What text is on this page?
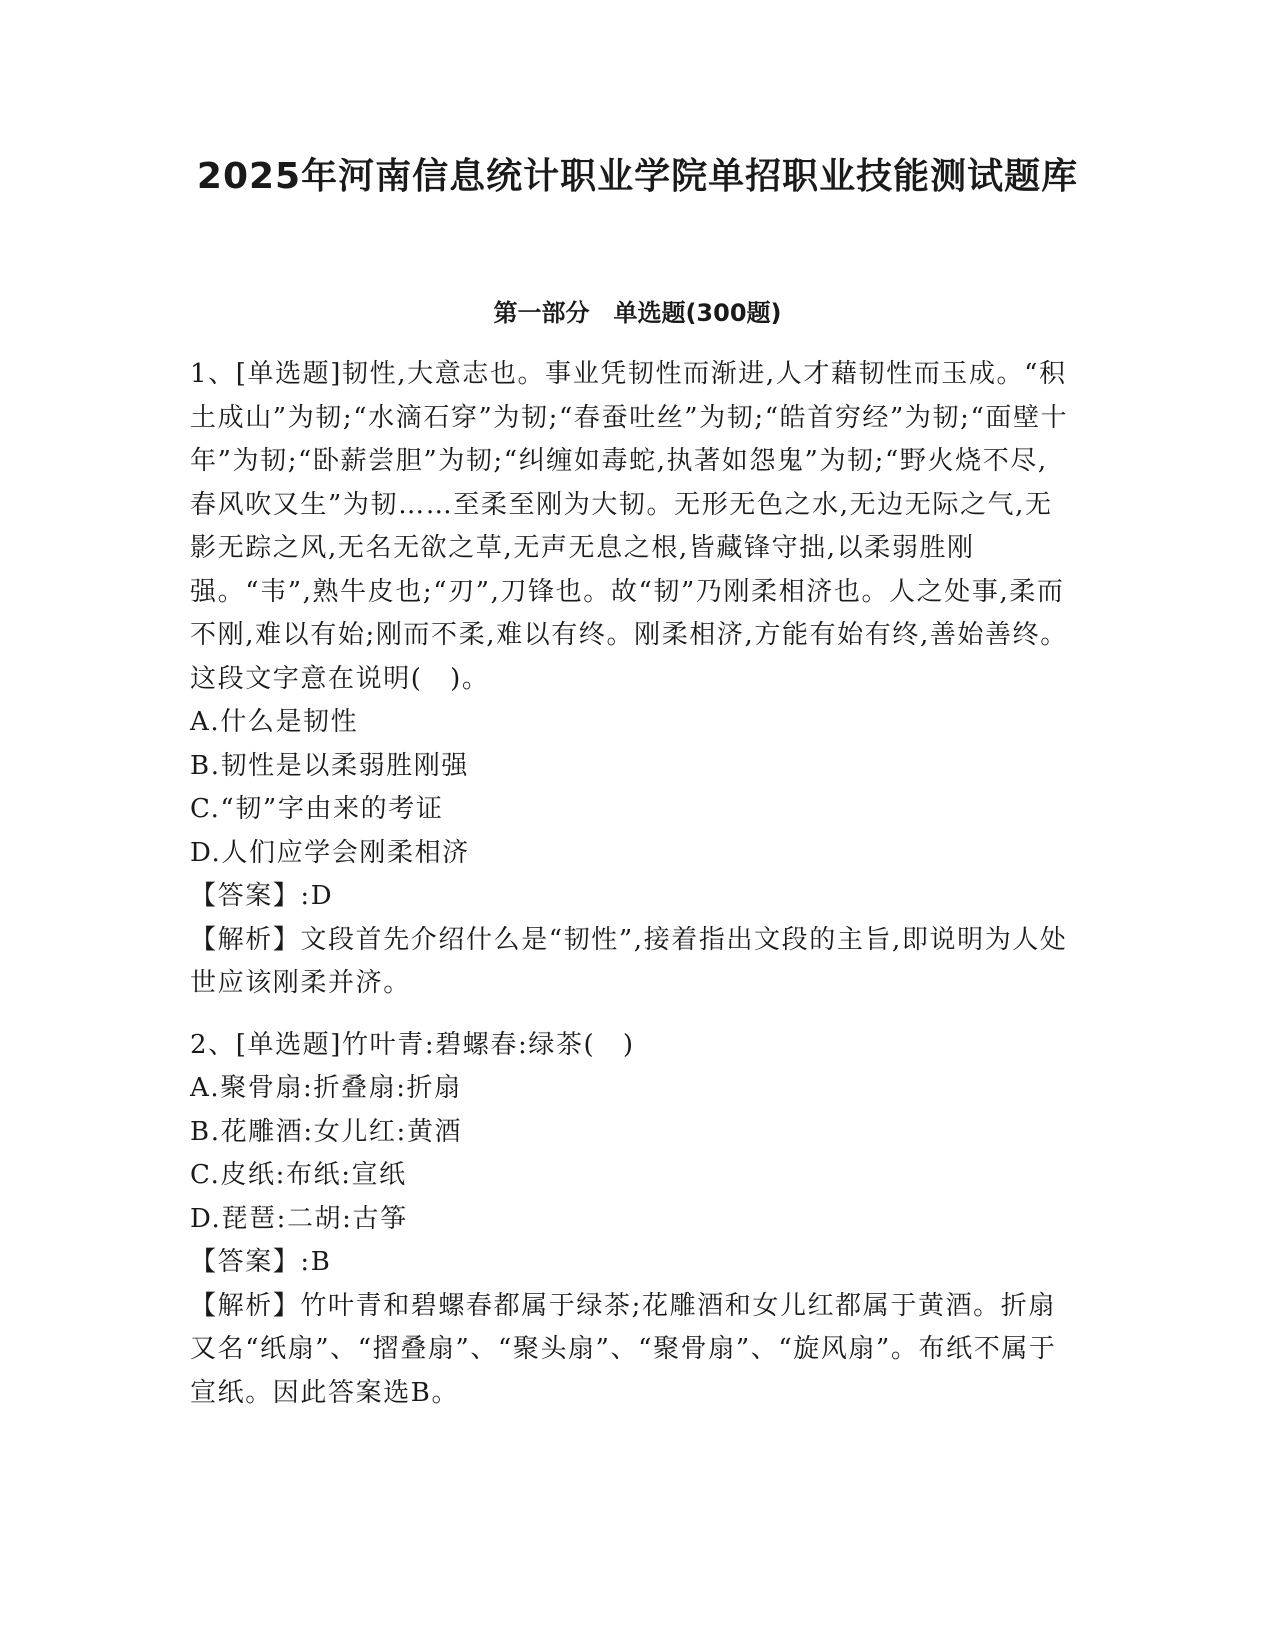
2025年河南信息统计职业学院单招职业技能测试题库
第一部分　单选题(300题)

1、[单选题]韧性,大意志也。事业凭韧性而渐进,人才藉韧性而玉成。“积土成山”为韧;“水滴石穿”为韧;“春蚕吐丝”为韧;“皓首穷经”为韧;“面壁十年”为韧;“卧薪尝胆”为韧;“纠缠如毒蛇,执著如怨鬼”为韧;“野火烧不尽,春风吹又生”为韧……至柔至刚为大韧。无形无色之水,无边无际之气,无影无踪之风,无名无欲之草,无声无息之根,皆藏锋守拙,以柔弱胜刚强。“韦”,熟牛皮也;“刃”,刀锋也。故“韧”乃刚柔相济也。人之处事,柔而不刚,难以有始;刚而不柔,难以有终。刚柔相济,方能有始有终,善始善终。这段文字意在说明(　)。

A.什么是韧性

B.韧性是以柔弱胜刚强

C.“韧”字由来的考证

D.人们应学会刚柔相济

【答案】:D

【解析】文段首先介绍什么是“韧性”,接着指出文段的主旨,即说明为人处世应该刚柔并济。

2、[单选题]竹叶青:碧螺春:绿茶(　)

A.聚骨扇:折叠扇:折扇

B.花雕酒:女儿红:黄酒

C.皮纸:布纸:宣纸

D.琵琶:二胡:古筝

【答案】:B

【解析】竹叶青和碧螺春都属于绿茶;花雕酒和女儿红都属于黄酒。折扇又名“纸扇”、“摺叠扇”、“聚头扇”、“聚骨扇”、“旋风扇”。布纸不属于宣纸。因此答案选B。
